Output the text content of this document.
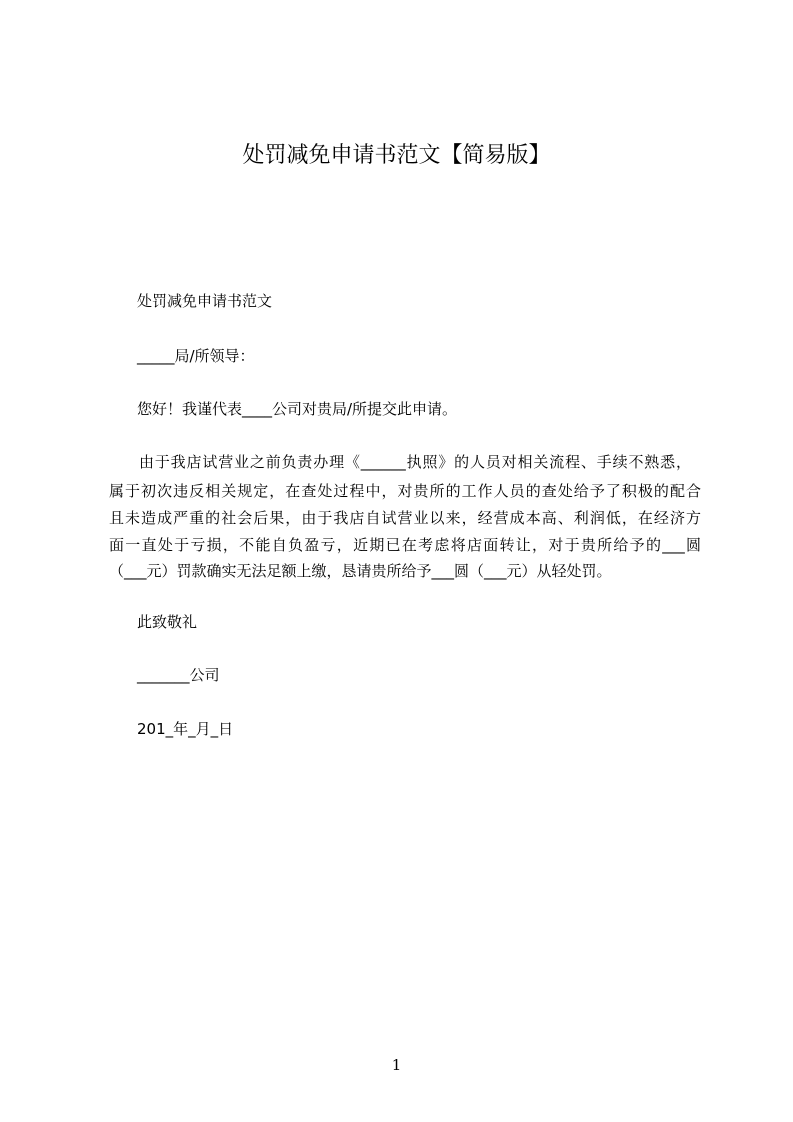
处罚减免申请书范文【简易版】
处罚减免申请书范文
_____局/所领导：
您好！我谨代表____公司对贵局/所提交此申请。
由于我店试营业之前负责办理《______执照》的人员对相关流程、手续不熟悉，
属于初次违反相关规定，在查处过程中，对贵所的工作人员的查处给予了积极的配合
且未造成严重的社会后果，由于我店自试营业以来，经营成本高、利润低，在经济方
面一直处于亏损，不能自负盈亏，近期已在考虑将店面转让，对于贵所给予的___圆
（___元）罚款确实无法足额上缴，恳请贵所给予___圆（___元）从轻处罚。
此致敬礼
_______公司
201_年_月_日
1
